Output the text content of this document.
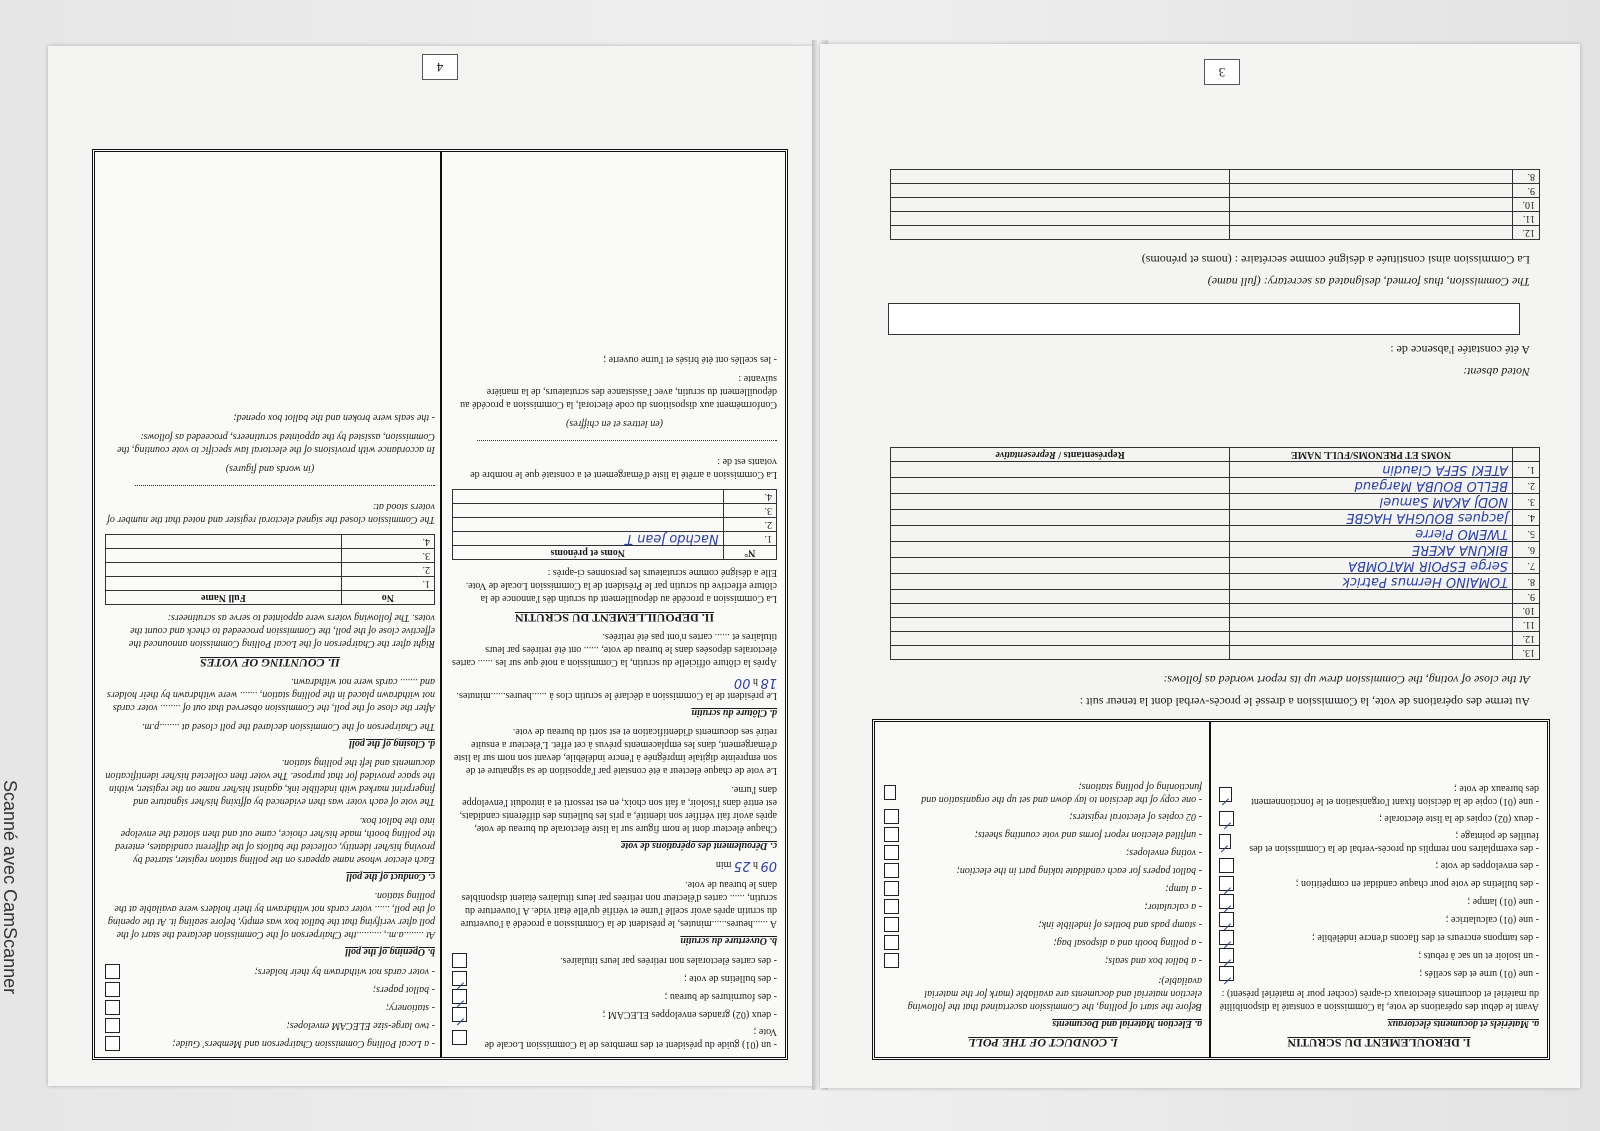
4
- un (01) guide du président et des membres de la Commission Locale de Vote ;
- deux (02) grandes enveloppes ELECAM ;
- des fournitures de bureau ;
- des bulletins de vote ;
- des cartes électorales non retirées par leurs titulaires.
b. Ouverture du scrutin

A ......heures......minutes, le président de la Commission a procédé à l'ouverture du scrutin après avoir scellé l'urne et vérifié qu'elle était vide. A l'ouverture du scrutin, ...... cartes d'électeur non retirées par leurs titulaires étaient disponibles dans le bureau de vote.

09 h 25 min

c. Déroulement des opérations de vote

Chaque électeur dont le nom figure sur la liste électorale du bureau de vote, après avoir fait vérifier son identité, a pris les bulletins des différents candidats, est entré dans l'isoloir, a fait son choix, en est ressorti et a introduit l'enveloppe dans l'urne.

Le vote de chaque électeur a été constaté par l'apposition de sa signature et de son empreinte digitale imprégnée à l'encre indélébile, devant son nom sur la liste d'émargement, dans les emplacements prévus à cet effet. L'électeur a ensuite retiré ses documents d'identification et est sorti du bureau de vote.

d. Clôture du scrutin

Le président de la Commission a déclaré le scrutin clos à ......heures......minutes. 18 h 00

Après la clôture officielle du scrutin, la Commission a noté que sur les ...... cartes électorales déposées dans le bureau de vote, ...... ont été retirées par leurs titulaires et ...... cartes n'ont pas été retirées.

II. DEPOUILLEMENT DU SCRUTIN

La Commission a procédé au dépouillement du scrutin dès l'annonce de la clôture effective du scrutin par le Président de la Commission Locale de Vote. Elle a désigné comme scrutateurs les personnes ci-après :

N°	Noms et prénoms
1.	Nachdo Jean T
2.	
3.	
4.	

La Commission a arrêté la liste d'émargement et a constaté que le nombre de votants est de :

(en lettres et en chiffres)

Conformément aux dispositions du code électoral, la Commission a procédé au dépouillement du scrutin, avec l'assistance des scrutateurs, de la manière suivante :

- les scellés ont été brisés et l'urne ouverte ;

- a Local Polling Commission Chairperson and Members' Guide;
- two large-size ELECAM envelopes;
- stationery;
- ballot papers;
- voter cards not withdrawn by their holders;
b. Opening of the poll

At ........a.m., ..........the Chairperson of the Commission declared the start of the poll after verifying that the ballot box was empty, before sealing it. At the opening of the poll, ...... voter cards not withdrawn by their holders were available at the polling station.

c. Conduct of the poll

Each elector whose name appears on the polling station register, started by proving his/her identity, collected the ballots of the different candidates, entered the polling booth, made his/her choice, came out and then slotted the envelope into the ballot box.

The vote of each voter was then evidenced by affixing his/her signature and fingerprint marked with indelible ink, against his/her name on the register, within the space provided for that purpose. The voter then collected his/her identification documents and left the polling station.

d. Closing of the poll

The Chairperson of the Commission declared the poll closed at ........p.m.

After the close of the poll, the Commission observed that out of ........ voter cards not withdrawn placed in the polling station, ....... were withdrawn by their holders and ....... cards were not withdrawn.

II. COUNTING OF VOTES

Right after the Chairperson of the Local Polling Commission announced the effective close of the poll, the Commission proceeded to check and count the votes. The following voters were appointed to serve as scrutineers:

No	Full Name
1.	
2.	
3.	
4.	

The Commission closed the signed electoral register and noted that the number of voters stood at:

(in words and figures)

In accordance with provisions of the electoral law specific to vote counting, the Commission, assisted by the appointed scrutineers, proceeded as follows:

- the seals were broken and the ballot box opened;

3
I. DEROULEMENT DU SCRUTIN
a. Matériels et documents électoraux

Avant le début des opérations de vote, la Commission a constaté la disponibilité du matériel et documents électoraux ci-après (cocher pour le matériel présent) :

- une (01) urne et des scellés ;
- un isoloir et un sac à rebuts ;
- des tampons encreurs et des flacons d'encre indélébile ;
- une (01) calculatrice ;
- une (01) lampe ;
- des bulletins de vote pour chaque candidat en compétition ;
- des enveloppes de vote ;
- des exemplaires non remplis du procès-verbal de la Commission et des feuilles de pointage ;
- deux (02) copies de la liste électorale ;
- une (01) copie de la décision fixant l'organisation et le fonctionnement des bureaux de vote ;
I. CONDUCT OF THE POLL
a. Election Material and Documents

Before the start of polling, the Commission ascertained that the following election material and documents are available (mark for the material available):

- a ballot box and seals;
- a polling booth and a disposal bag;
- stamp pads and bottles of indelible ink;
- a calculator;
- a lamp;
- ballot papers for each candidate taking part in the election;
- voting envelopes;
- unfilled election report forms and vote counting sheets;
- 02 copies of electoral registers;
- one copy of the decision to lay down and set up the organisation and functioning of polling stations;

Au terme des opérations de vote, la Commission a dressé le procès-verbal dont la teneur suit :

At the close of voting, the Commission drew up its report worded as follows:

13.		
12.		
11.		
10.		
9.		
8.	TOMAINO Hermus Patrick	
7.	Serge ESPOIR MATOMBA	
6.	BIKUNA AKERE	
5.	TWEMO Pierre	
4.	Jacques BOUGHA HAGBE	
3.	NODJ AKAM Samuel	
2.	BELLO BOUBA Margaud	
1.	ATEKI SEFA Claudin	
	NOMS ET PRENOMS/FULL NAME	Représentants / Representative

Noted absent:

A été constatée l'absence de :

The Commission, thus formed, designated as secretary: (full name)

La Commission ainsi constituée a désigné comme secrétaire : (noms et prénoms)

12.		
11.		
10.		
9.		
8.		
Scanné avec CamScanner
